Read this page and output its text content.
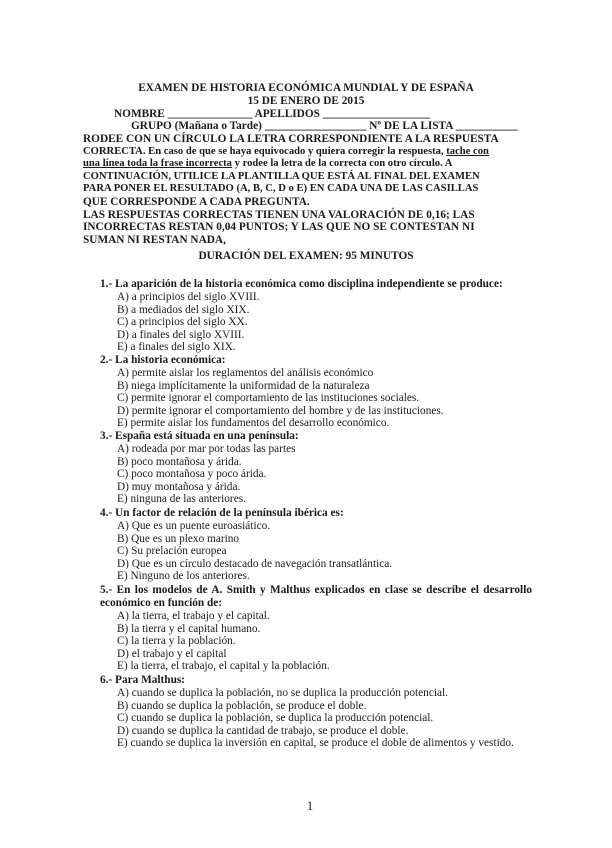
EXAMEN DE HISTORIA ECONÓMICA MUNDIAL Y DE ESPAÑA
15 DE ENERO DE 2015
NOMBRE _______________ APELLIDOS ___________________
GRUPO (Mañana o Tarde) __________________ Nº DE LA LISTA ___________

RODEE CON UN CÍRCULO LA LETRA CORRESPONDIENTE A LA RESPUESTA

CORRECTA. En caso de que se haya equivocado y quiera corregir la respuesta, tache con

una línea toda la frase incorrecta y rodee la letra de la correcta con otro círculo. A

CONTINUACIÓN, UTILICE LA PLANTILLA QUE ESTÁ AL FINAL DEL EXAMEN

PARA PONER EL RESULTADO (A, B, C, D o E) EN CADA UNA DE LAS CASILLAS

QUE CORRESPONDE A CADA PREGUNTA.

LAS RESPUESTAS CORRECTAS TIENEN UNA VALORACIÓN DE 0,16; LAS

INCORRECTAS RESTAN 0,04 PUNTOS; Y LAS QUE NO SE CONTESTAN NI

SUMAN NI RESTAN NADA,

DURACIÓN DEL EXAMEN: 95 MINUTOS
1.- La aparición de la historia económica como disciplina independiente se produce:
A) a principios del siglo XVIII.
B) a mediados del siglo XIX.
C) a principios del siglo XX.
D) a finales del siglo XVIII.
E) a finales del siglo XIX.
2.- La historia económica:
A) permite aislar los reglamentos del análisis económico
B) niega implícitamente la uniformidad de la naturaleza
C) permite ignorar el comportamiento de las instituciones sociales.
D) permite ignorar el comportamiento del hombre y de las instituciones.
E) permite aislar los fundamentos del desarrollo económico.
3.- España está situada en una península:
A) rodeada por mar por todas las partes
B) poco montañosa y árida.
C) poco montañosa y poco árida.
D) muy montañosa y árida.
E) ninguna de las anteriores.
4.- Un factor de relación de la península ibérica es:
A) Que es un puente euroasiático.
B) Que es un plexo marino
C) Su prelación europea
D) Que es un círculo destacado de navegación transatlántica.
E) Ninguno de los anteriores.
5.- En los modelos de A. Smith y Malthus explicados en clase se describe el desarrollo
económico en función de:
A) la tierra, el trabajo y el capital.
B) la tierra y el capital humano.
C) la tierra y la población.
D) el trabajo y el capital
E) la tierra, el trabajo, el capital y la población.
6.- Para Malthus:
A) cuando se duplica la población, no se duplica la producción potencial.
B) cuando se duplica la población, se produce el doble.
C) cuando se duplica la población, se duplica la producción potencial.
D) cuando se duplica la cantidad de trabajo, se produce el doble.
E) cuando se duplica la inversión en capital, se produce el doble de alimentos y vestido.
1
